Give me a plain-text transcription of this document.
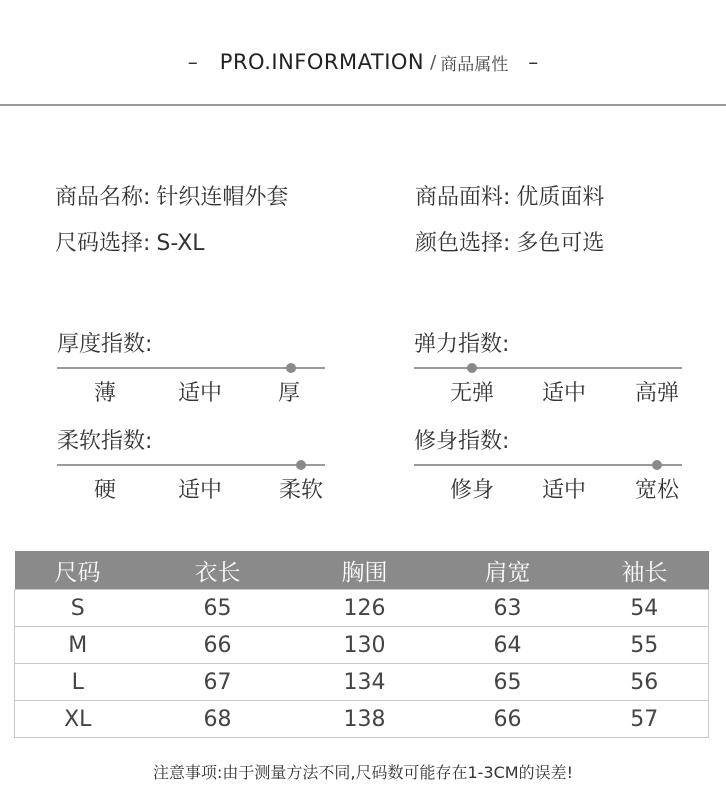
– PRO.INFORMATION / 商品属性 –
商品名称: 针织连帽外套	商品面料: 优质面料
尺码选择: S-XL	颜色选择: 多色可选
厚度指数:
薄	适中	厚
弹力指数:
无弹	适中	高弹
柔软指数:
硬	适中	柔软
修身指数:
修身	适中	宽松
尺码	衣长	胸围	肩宽	袖长
S	65	126	63	54
M	66	130	64	55
L	67	134	65	56
XL	68	138	66	57
注意事项:由于测量方法不同,尺码数可能存在1-3CM的误差!
